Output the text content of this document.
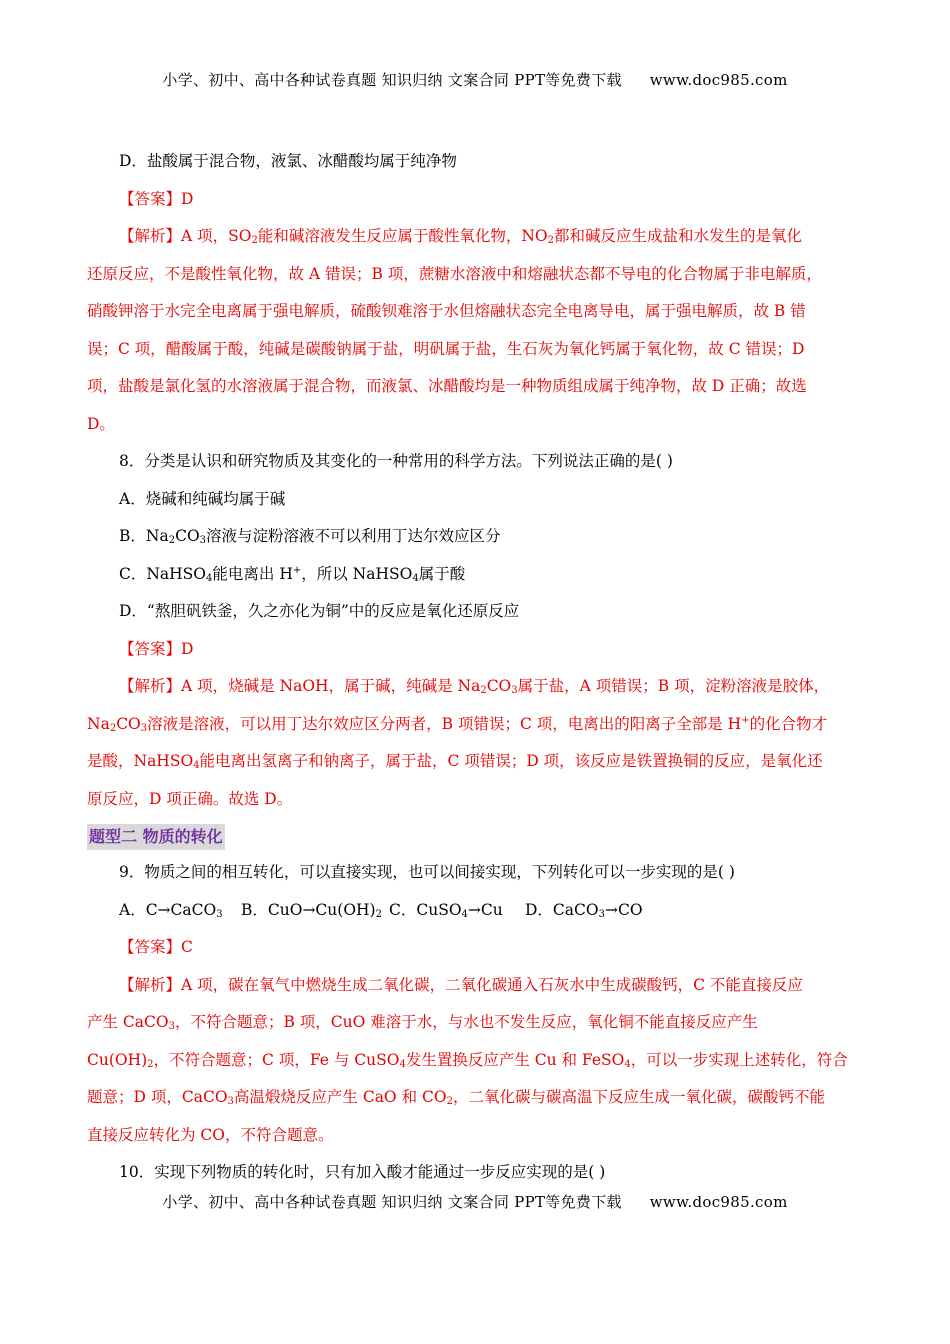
小学、初中、高中各种试卷真题 知识归纳 文案合同 PPT等免费下载 www.doc985.com
D．盐酸属于混合物，液氯、冰醋酸均属于纯净物
【答案】D
【解析】A 项，$SO_2$能和碱溶液发生反应属于酸性氧化物，$NO_2$都和碱反应生成盐和水发生的是氧化
还原反应，不是酸性氧化物，故 A 错误；B 项，蔗糖水溶液中和熔融状态都不导电的化合物属于非电解质，
硝酸钾溶于水完全电离属于强电解质，硫酸钡难溶于水但熔融状态完全电离导电，属于强电解质，故 B 错
误；C 项，醋酸属于酸，纯碱是碳酸钠属于盐，明矾属于盐，生石灰为氧化钙属于氧化物，故 C 错误；D
项，盐酸是氯化氢的水溶液属于混合物，而液氯、冰醋酸均是一种物质组成属于纯净物，故 D 正确；故选
D。
8．分类是认识和研究物质及其变化的一种常用的科学方法。下列说法正确的是( )
A．烧碱和纯碱均属于碱
B．$Na_2CO_3$溶液与淀粉溶液不可以利用丁达尔效应区分
C．NaHSO$_4$能电离出 H+，所以 NaHSO$_4$属于酸
D．“熬胆矾铁釜，久之亦化为铜”中的反应是氧化还原反应
【答案】D
【解析】A 项，烧碱是 NaOH，属于碱，纯碱是 $Na_2CO_3$属于盐，A 项错误；B 项，淀粉溶液是胶体，
$Na_2CO_3$溶液是溶液，可以用丁达尔效应区分两者，B 项错误；C 项，电离出的阳离子全部是 H+的化合物才
是酸，NaHSO$_4$能电离出氢离子和钠离子，属于盐，C 项错误；D 项，该反应是铁置换铜的反应，是氧化还
原反应，D 项正确。故选 D。
题型二 物质的转化
9．物质之间的相互转化，可以直接实现，也可以间接实现，下列转化可以一步实现的是( )
A．C→CaCO$_3$ B．$CuO\to Cu(OH)_2$ C．CuSO$_4$→Cu D．CaCO$_3$→CO
【答案】C
【解析】A 项，碳在氧气中燃烧生成二氧化碳，二氧化碳通入石灰水中生成碳酸钙，C 不能直接反应
产生 CaCO$_3$，不符合题意；B 项，CuO 难溶于水，与水也不发生反应，氧化铜不能直接反应产生
$Cu(OH)_2$，不符合题意；C 项，Fe 与 CuSO$_4$发生置换反应产生 Cu 和 FeSO$_4$，可以一步实现上述转化，符合
题意；D 项，CaCO$_3$高温煅烧反应产生 CaO 和 $CO_2$，二氧化碳与碳高温下反应生成一氧化碳，碳酸钙不能
直接反应转化为 CO，不符合题意。
10．实现下列物质的转化时，只有加入酸才能通过一步反应实现的是( )
小学、初中、高中各种试卷真题 知识归纳 文案合同 PPT等免费下载 www.doc985.com
